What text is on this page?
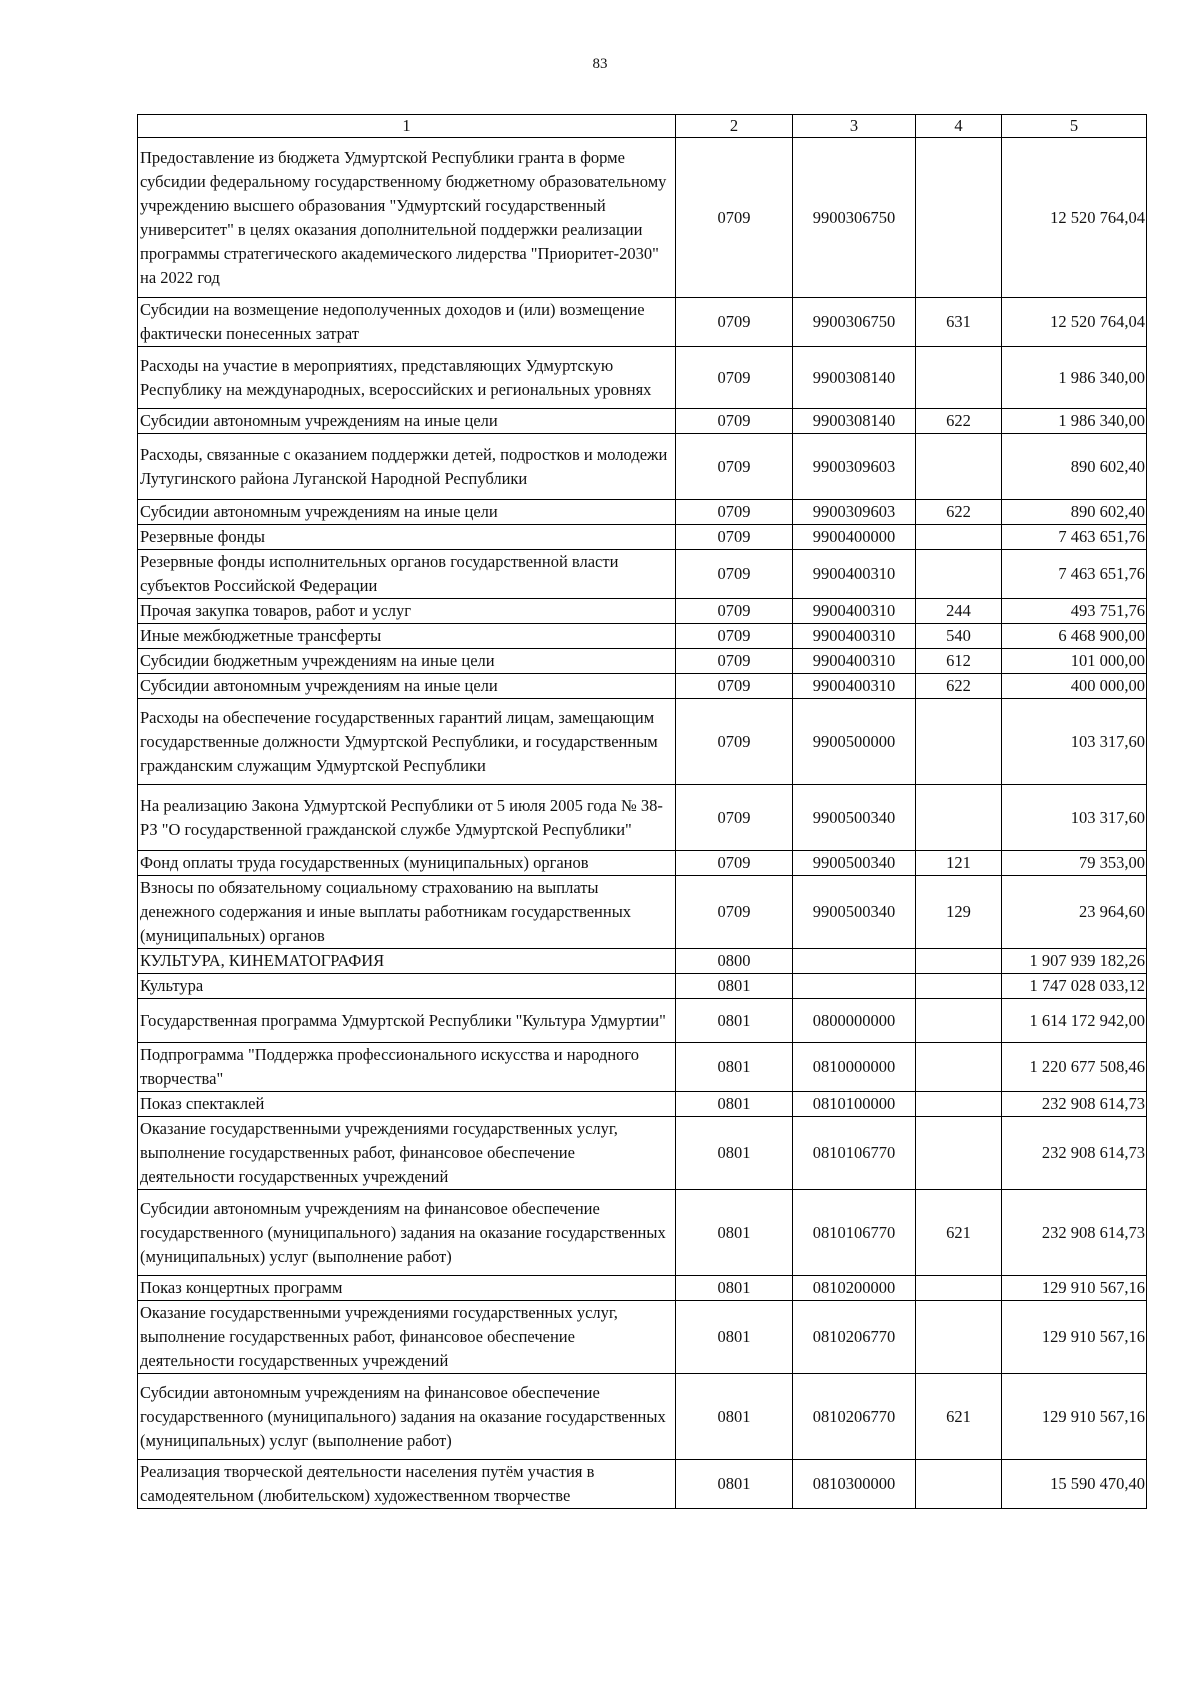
83
1	2	3	4	5
Предоставление из бюджета Удмуртской Республики гранта в форме субсидии федеральному государственному бюджетному образовательному учреждению высшего образования "Удмуртский государственный университет" в целях оказания дополнительной поддержки реализации программы стратегического академического лидерства "Приоритет-2030" на 2022 год	0709	9900306750		12 520 764,04
Субсидии на возмещение недополученных доходов и (или) возмещение фактически понесенных затрат	0709	9900306750	631	12 520 764,04
Расходы на участие в мероприятиях, представляющих Удмуртскую Республику на международных, всероссийских и региональных уровнях	0709	9900308140		1 986 340,00
Субсидии автономным учреждениям на иные цели	0709	9900308140	622	1 986 340,00
Расходы, связанные с оказанием поддержки детей, подростков и молодежи Лутугинского района Луганской Народной Республики	0709	9900309603		890 602,40
Субсидии автономным учреждениям на иные цели	0709	9900309603	622	890 602,40
Резервные фонды	0709	9900400000		7 463 651,76
Резервные фонды исполнительных органов государственной власти субъектов Российской Федерации	0709	9900400310		7 463 651,76
Прочая закупка товаров, работ и услуг	0709	9900400310	244	493 751,76
Иные межбюджетные трансферты	0709	9900400310	540	6 468 900,00
Субсидии бюджетным учреждениям на иные цели	0709	9900400310	612	101 000,00
Субсидии автономным учреждениям на иные цели	0709	9900400310	622	400 000,00
Расходы на обеспечение государственных гарантий лицам, замещающим государственные должности Удмуртской Республики, и государственным гражданским служащим Удмуртской Республики	0709	9900500000		103 317,60
На реализацию Закона Удмуртской Республики от 5 июля 2005 года № 38-РЗ "О государственной гражданской службе Удмуртской Республики"	0709	9900500340		103 317,60
Фонд оплаты труда государственных (муниципальных) органов	0709	9900500340	121	79 353,00
Взносы по обязательному социальному страхованию на выплаты денежного содержания и иные выплаты работникам государственных (муниципальных) органов	0709	9900500340	129	23 964,60
КУЛЬТУРА, КИНЕМАТОГРАФИЯ	0800			1 907 939 182,26
Культура	0801			1 747 028 033,12
Государственная программа Удмуртской Республики "Культура Удмуртии"	0801	0800000000		1 614 172 942,00
Подпрограмма "Поддержка профессионального искусства и народного творчества"	0801	0810000000		1 220 677 508,46
Показ спектаклей	0801	0810100000		232 908 614,73
Оказание государственными учреждениями государственных услуг, выполнение государственных работ, финансовое обеспечение деятельности государственных учреждений	0801	0810106770		232 908 614,73
Субсидии автономным учреждениям на финансовое обеспечение государственного (муниципального) задания на оказание государственных (муниципальных) услуг (выполнение работ)	0801	0810106770	621	232 908 614,73
Показ концертных программ	0801	0810200000		129 910 567,16
Оказание государственными учреждениями государственных услуг, выполнение государственных работ, финансовое обеспечение деятельности государственных учреждений	0801	0810206770		129 910 567,16
Субсидии автономным учреждениям на финансовое обеспечение государственного (муниципального) задания на оказание государственных (муниципальных) услуг (выполнение работ)	0801	0810206770	621	129 910 567,16
Реализация творческой деятельности населения путём участия в самодеятельном (любительском) художественном творчестве	0801	0810300000		15 590 470,40
